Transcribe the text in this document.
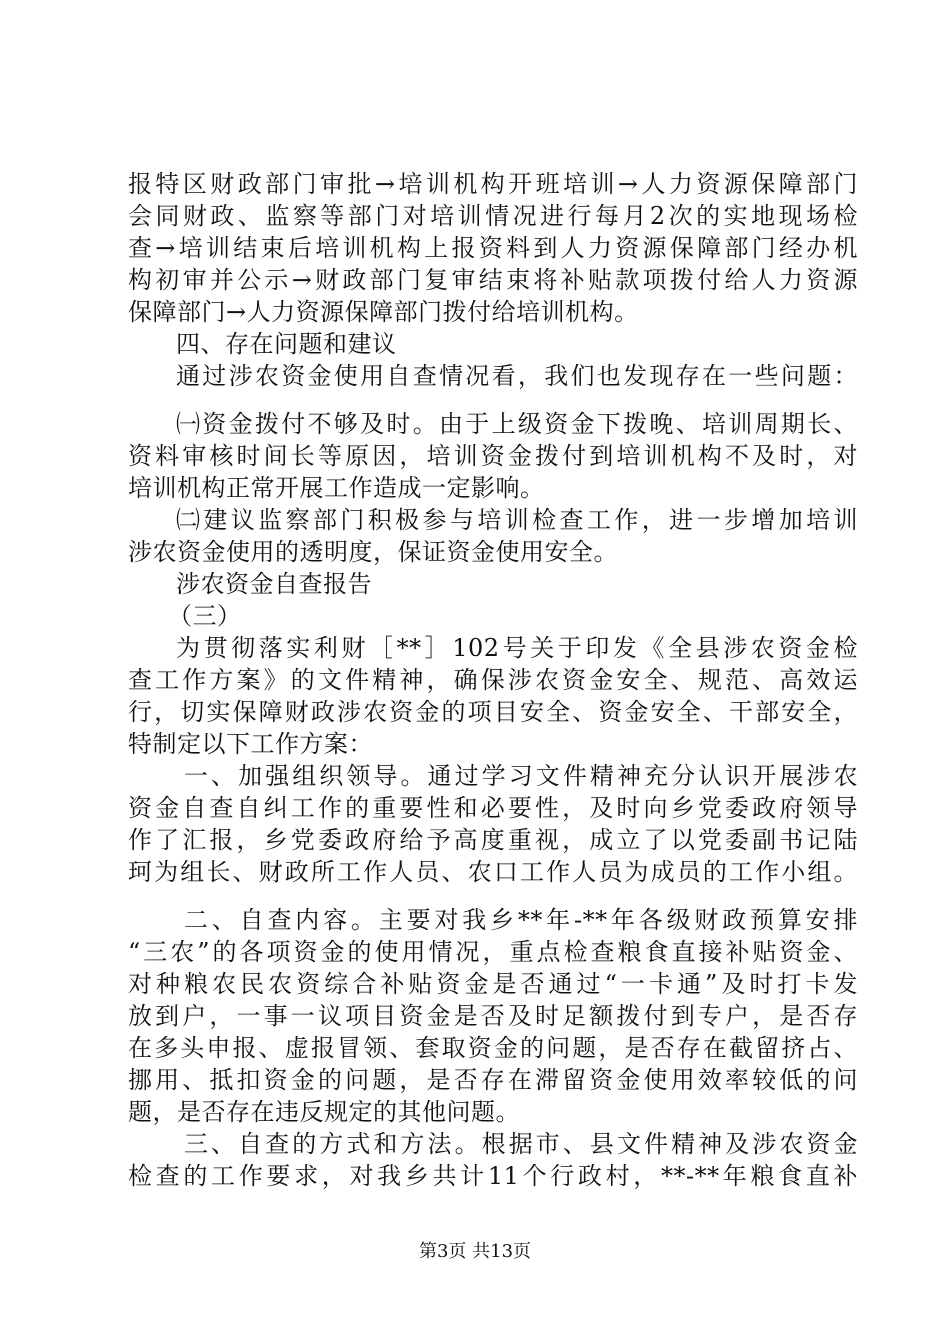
报特区财政部门审批→培训机构开班培训→人力资源保障部门
会同财政、监察等部门对培训情况进行每月2次的实地现场检
查→培训结束后培训机构上报资料到人力资源保障部门经办机
构初审并公示→财政部门复审结束将补贴款项拨付给人力资源
保障部门→人力资源保障部门拨付给培训机构。
四、存在问题和建议
通过涉农资金使用自查情况看，我们也发现存在一些问题：
㈠资金拨付不够及时。由于上级资金下拨晚、培训周期长、
资料审核时间长等原因，培训资金拨付到培训机构不及时，对
培训机构正常开展工作造成一定影响。
㈡建议监察部门积极参与培训检查工作，进一步增加培训
涉农资金使用的透明度，保证资金使用安全。
涉农资金自查报告
（三）
为贯彻落实利财［**］102号关于印发《全县涉农资金检
查工作方案》的文件精神，确保涉农资金安全、规范、高效运
行，切实保障财政涉农资金的项目安全、资金安全、干部安全，
特制定以下工作方案：
一、加强组织领导。通过学习文件精神充分认识开展涉农
资金自查自纠工作的重要性和必要性，及时向乡党委政府领导
作了汇报，乡党委政府给予高度重视，成立了以党委副书记陆
珂为组长、财政所工作人员、农口工作人员为成员的工作小组。
二、自查内容。主要对我乡**年-**年各级财政预算安排
“三农”的各项资金的使用情况，重点检查粮食直接补贴资金、
对种粮农民农资综合补贴资金是否通过“一卡通”及时打卡发
放到户，一事一议项目资金是否及时足额拨付到专户，是否存
在多头申报、虚报冒领、套取资金的问题，是否存在截留挤占、
挪用、抵扣资金的问题，是否存在滞留资金使用效率较低的问
题，是否存在违反规定的其他问题。
三、自查的方式和方法。根据市、县文件精神及涉农资金
检查的工作要求，对我乡共计11个行政村，**-**年粮食直补
第3页 共13页
